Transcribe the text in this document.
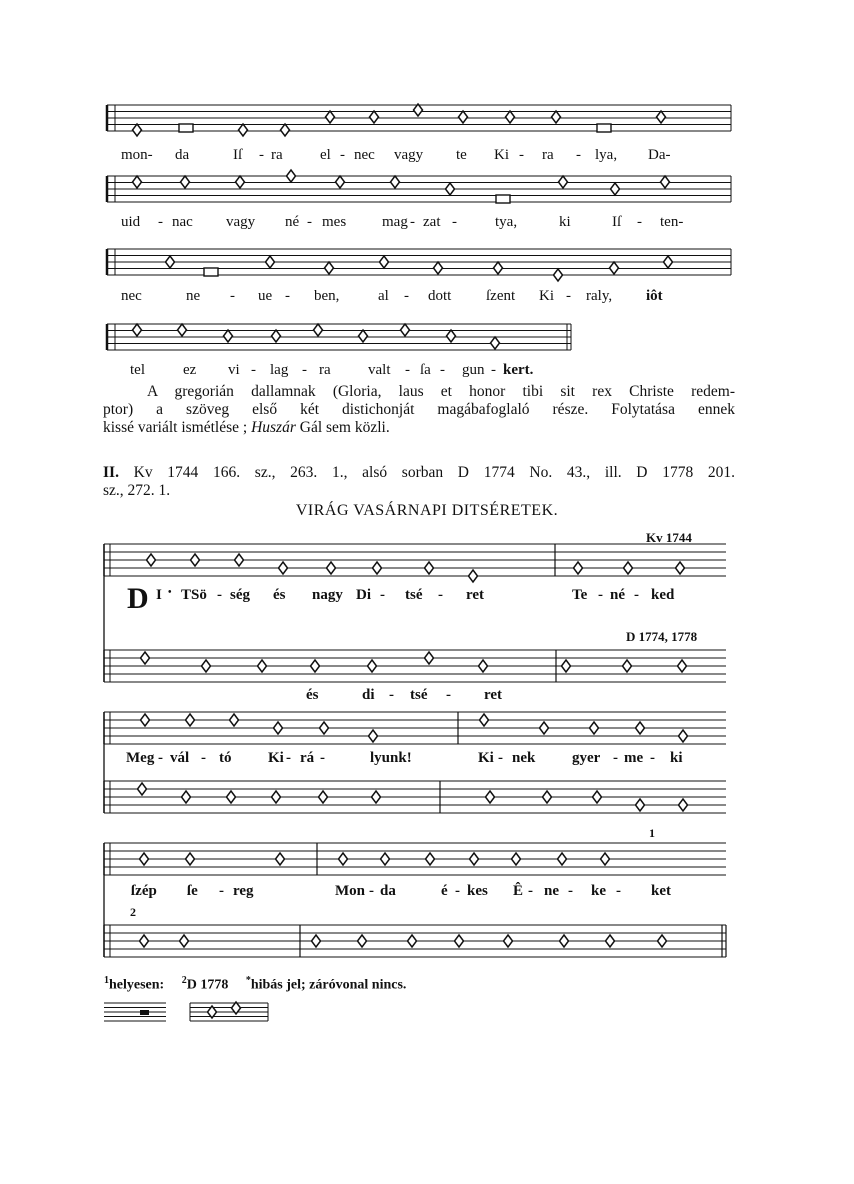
mon- da	Iſ - ra el - nec vagy te Ki - ra - lya, Da-
uid - nac vagy né - mes mag - zat -	tya,	ki	Iſ - ten-
nec	ne - ue - ben,	al - dott ſzent Ki - raly, iôt
tel	ez vi - lag - ra valt - ſa - gun - kert.
A gregorián dallamnak (Gloria, laus et honor tibi sit rex Christe redem-
ptor) a szöveg első két distichonját magábafoglaló része. Folytatása ennek
kissé variált ismétlése ; Huszár Gál sem közli.
II. Kv 1744 166. sz., 263. 1., alsó sorban D 1774 No. 43., ill. D 1778 201.
sz., 272. 1.
VIRÁG VASÁRNAPI DITSÉRETEK.
Kv 1744
D 1774, 1778
D I • TSö - ség és nagy Di - tsé - ret	Te - né - ked
és	di - tsé - ret
Meg - vál - tó Ki - rá -	lyunk!	Ki - nek gyer - me - ki
1
2
ſzép ſe - reg	Mon - da	é - kes Ê - ne - ke - ket
$^1$helyesen: $^2$D 1778 *hibás jel; záróvonal nincs.
